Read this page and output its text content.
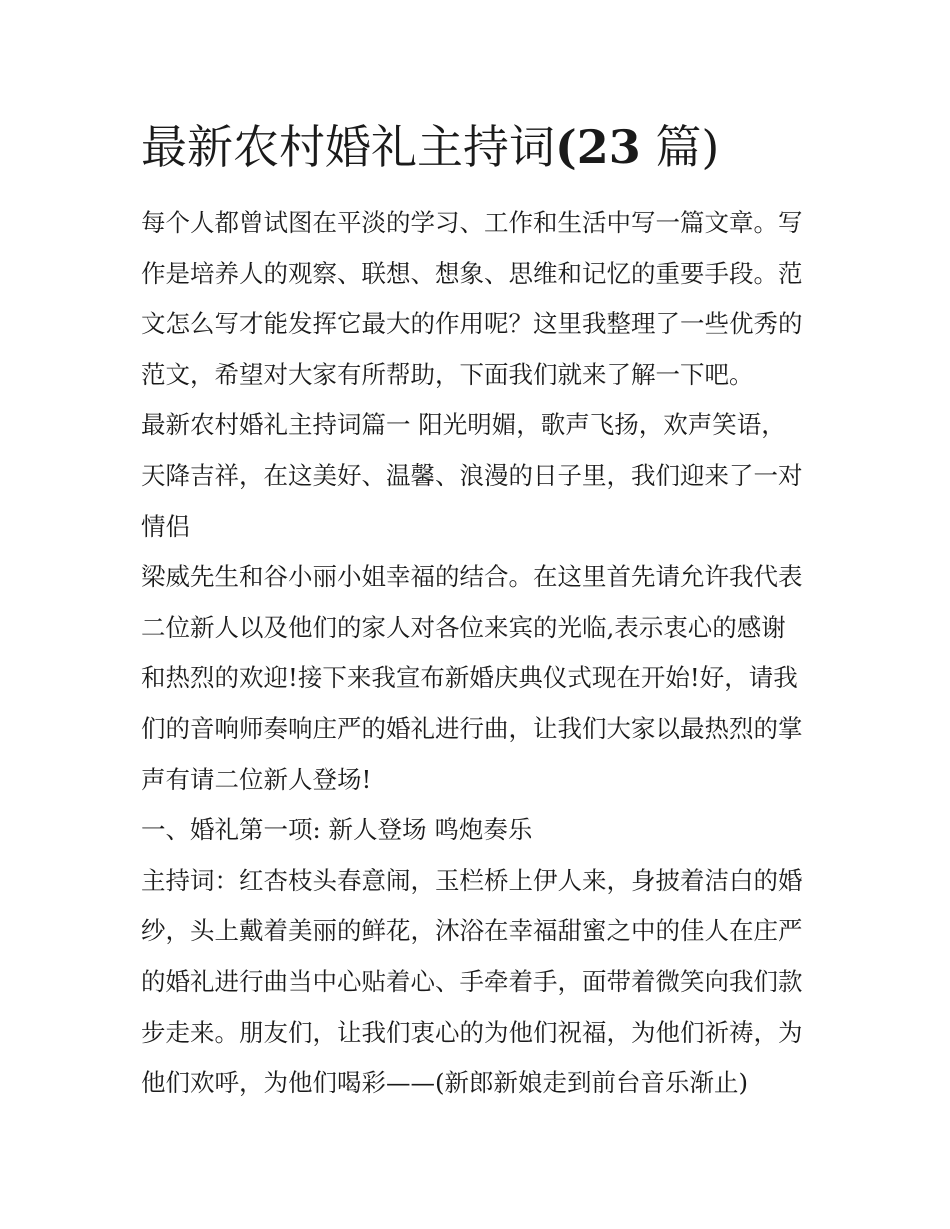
最新农村婚礼主持词(23 篇)

每个人都曾试图在平淡的学习、工作和生活中写一篇文章。写

作是培养人的观察、联想、想象、思维和记忆的重要手段。范

文怎么写才能发挥它最大的作用呢？这里我整理了一些优秀的

范文，希望对大家有所帮助，下面我们就来了解一下吧。

最新农村婚礼主持词篇一 阳光明媚，歌声飞扬，欢声笑语，

天降吉祥，在这美好、温馨、浪漫的日子里，我们迎来了一对

情侣

梁威先生和谷小丽小姐幸福的结合。在这里首先请允许我代表

二位新人以及他们的家人对各位来宾的光临,表示衷心的感谢

和热烈的欢迎!接下来我宣布新婚庆典仪式现在开始!好，请我

们的音响师奏响庄严的婚礼进行曲，让我们大家以最热烈的掌

声有请二位新人登场!

一、婚礼第一项: 新人登场 鸣炮奏乐

主持词：红杏枝头春意闹，玉栏桥上伊人来，身披着洁白的婚

纱，头上戴着美丽的鲜花，沐浴在幸福甜蜜之中的佳人在庄严

的婚礼进行曲当中心贴着心、手牵着手，面带着微笑向我们款

步走来。朋友们，让我们衷心的为他们祝福，为他们祈祷，为

他们欢呼，为他们喝彩——(新郎新娘走到前台音乐渐止)
